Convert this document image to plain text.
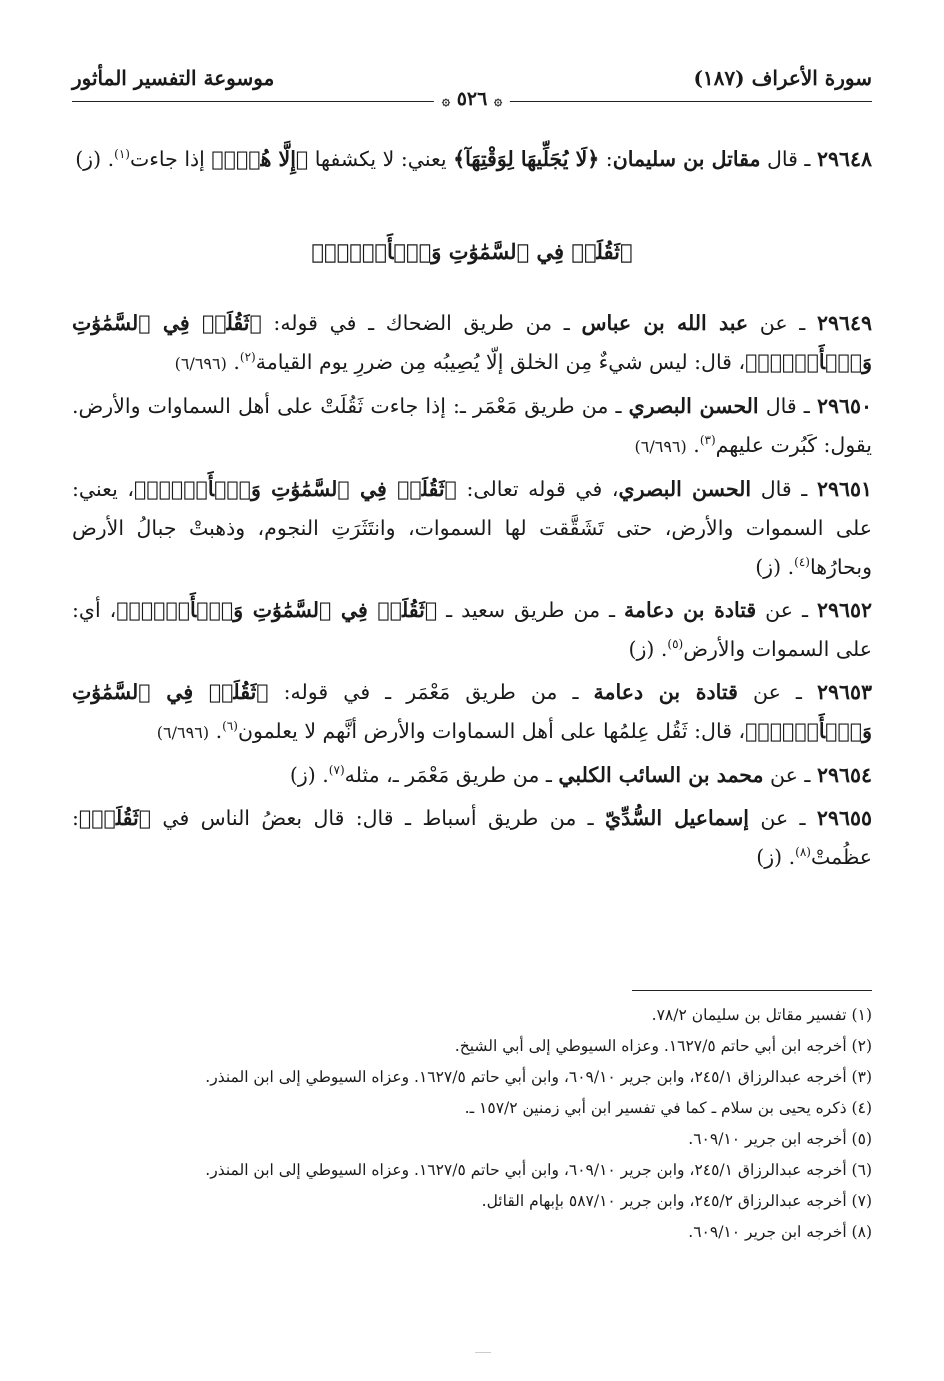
سورة الأعراف (١٨٧)
موسوعة التفسير المأثور
۞ ٥٢٦ ۞

٢٩٦٤٨ ـ قال مقاتل بن سليمان: ﴿لَا يُجَلِّيهَا لِوَقْتِهَآ﴾ يعني: لا يكشفها ﴿إِلَّا هُوَۚ﴾ إذا جاءت$^{(١)}$. (ز)

﴿ثَقُلَتۡ فِي ٱلسَّمَٰوَٰتِ وَٱلۡأَرۡضِۚ﴾

٢٩٦٤٩ ـ عن عبد الله بن عباس ـ من طريق الضحاك ـ في قوله: ﴿ثَقُلَتۡ فِي ٱلسَّمَٰوَٰتِ وَٱلۡأَرۡضِۚ﴾، قال: ليس شيءٌ مِن الخلق إلّا يُصِيبُه مِن ضررِ يوم القيامة$^{(٢)}$. (٦/٦٩٦)

٢٩٦٥٠ ـ قال الحسن البصري ـ من طريق مَعْمَر ـ: إذا جاءت ثَقُلَتْ على أهل السماوات والأرض. يقول: كَبُرت عليهم$^{(٣)}$. (٦/٦٩٦)

٢٩٦٥١ ـ قال الحسن البصري، في قوله تعالى: ﴿ثَقُلَتۡ فِي ٱلسَّمَٰوَٰتِ وَٱلۡأَرۡضِۚ﴾، يعني: على السموات والأرض، حتى تَشَقَّقت لها السموات، وانتَثَرَتِ النجوم، وذهبتْ جبالُ الأرض وبحارُها$^{(٤)}$. (ز)

٢٩٦٥٢ ـ عن قتادة بن دعامة ـ من طريق سعيد ـ ﴿ثَقُلَتۡ فِي ٱلسَّمَٰوَٰتِ وَٱلۡأَرۡضِۚ﴾، أي: على السموات والأرض$^{(٥)}$. (ز)

٢٩٦٥٣ ـ عن قتادة بن دعامة ـ من طريق مَعْمَر ـ في قوله: ﴿ثَقُلَتۡ فِي ٱلسَّمَٰوَٰتِ وَٱلۡأَرۡضِۚ﴾، قال: ثَقُل عِلمُها على أهل السماوات والأرض أنَّهم لا يعلمون$^{(٦)}$. (٦/٦٩٦)

٢٩٦٥٤ ـ عن محمد بن السائب الكلبي ـ من طريق مَعْمَر ـ، مثله$^{(٧)}$. (ز)

٢٩٦٥٥ ـ عن إسماعيل السُّدِّيّ ـ من طريق أسباط ـ قال: قال بعضُ الناس في ﴿ثَقُلَتۡ﴾: عظُمتْ$^{(٨)}$. (ز)

(١) تفسير مقاتل بن سليمان ٧٨/٢.

(٢) أخرجه ابن أبي حاتم ١٦٢٧/٥. وعزاه السيوطي إلى أبي الشيخ.

(٣) أخرجه عبدالرزاق ٢٤٥/١، وابن جرير ٦٠٩/١٠، وابن أبي حاتم ١٦٢٧/٥. وعزاه السيوطي إلى ابن المنذر.

(٤) ذكره يحيى بن سلام ـ كما في تفسير ابن أبي زمنين ١٥٧/٢ ـ.

(٥) أخرجه ابن جرير ٦٠٩/١٠.

(٦) أخرجه عبدالرزاق ٢٤٥/١، وابن جرير ٦٠٩/١٠، وابن أبي حاتم ١٦٢٧/٥. وعزاه السيوطي إلى ابن المنذر.

(٧) أخرجه عبدالرزاق ٢٤٥/٢، وابن جرير ٥٨٧/١٠ بإبهام القائل.

(٨) أخرجه ابن جرير ٦٠٩/١٠.
